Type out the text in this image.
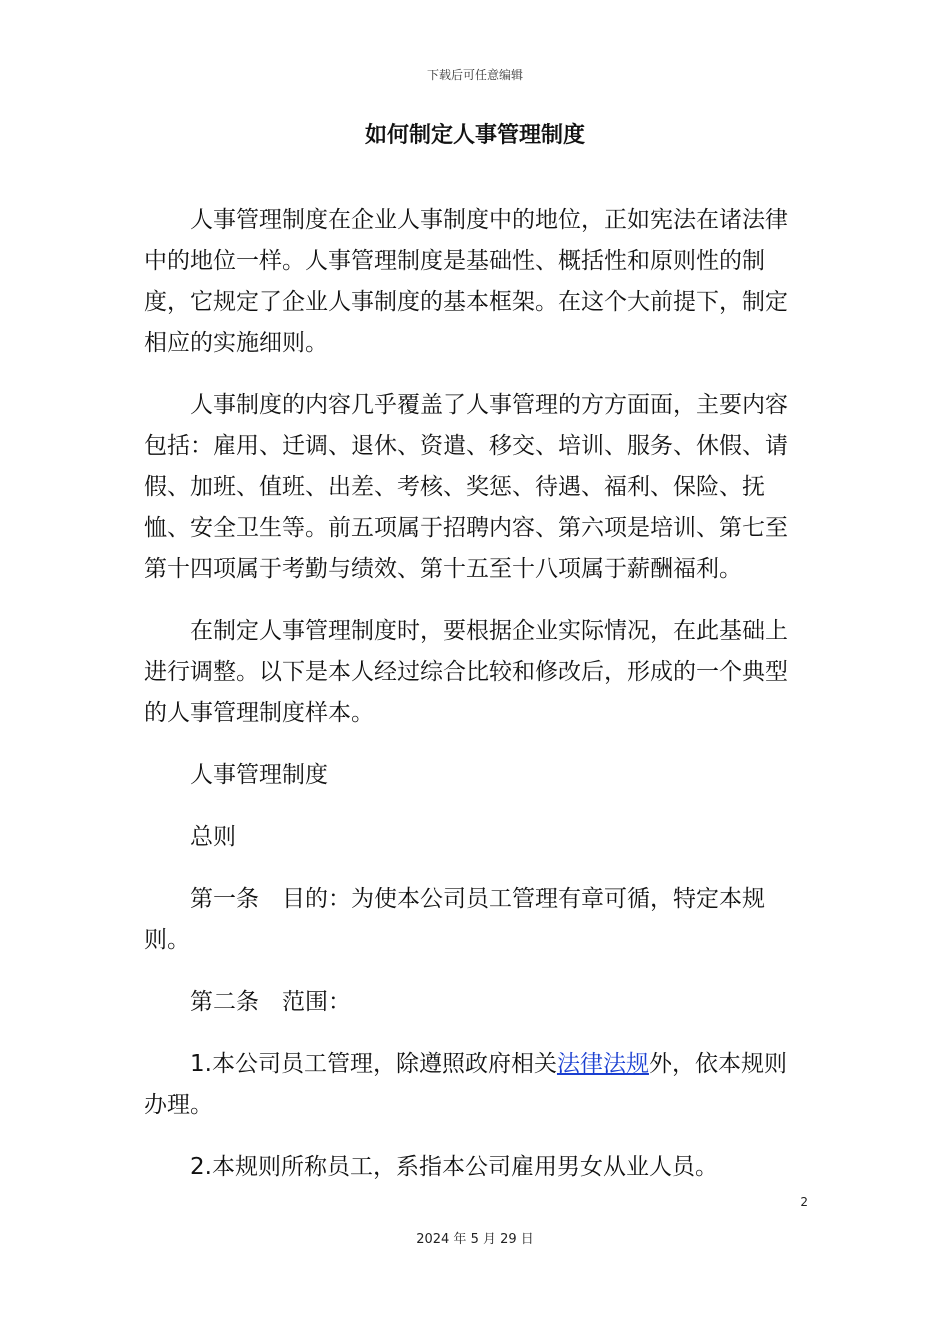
下载后可任意编辑
如何制定人事管理制度

人事管理制度在企业人事制度中的地位，正如宪法在诸法律中的地位一样。人事管理制度是基础性、概括性和原则性的制度，它规定了企业人事制度的基本框架。在这个大前提下，制定相应的实施细则。

人事制度的内容几乎覆盖了人事管理的方方面面，主要内容包括：雇用、迁调、退休、资遣、移交、培训、服务、休假、请假、加班、值班、出差、考核、奖惩、待遇、福利、保险、抚恤、安全卫生等。前五项属于招聘内容、第六项是培训、第七至第十四项属于考勤与绩效、第十五至十八项属于薪酬福利。

在制定人事管理制度时，要根据企业实际情况，在此基础上进行调整。以下是本人经过综合比较和修改后，形成的一个典型的人事管理制度样本。

人事管理制度

总则

第一条　目的：为使本公司员工管理有章可循，特定本规则。

第二条　范围：

1.本公司员工管理，除遵照政府相关法律法规外，依本规则办理。

2.本规则所称员工，系指本公司雇用男女从业人员。

2
2024 年 5 月 29 日
